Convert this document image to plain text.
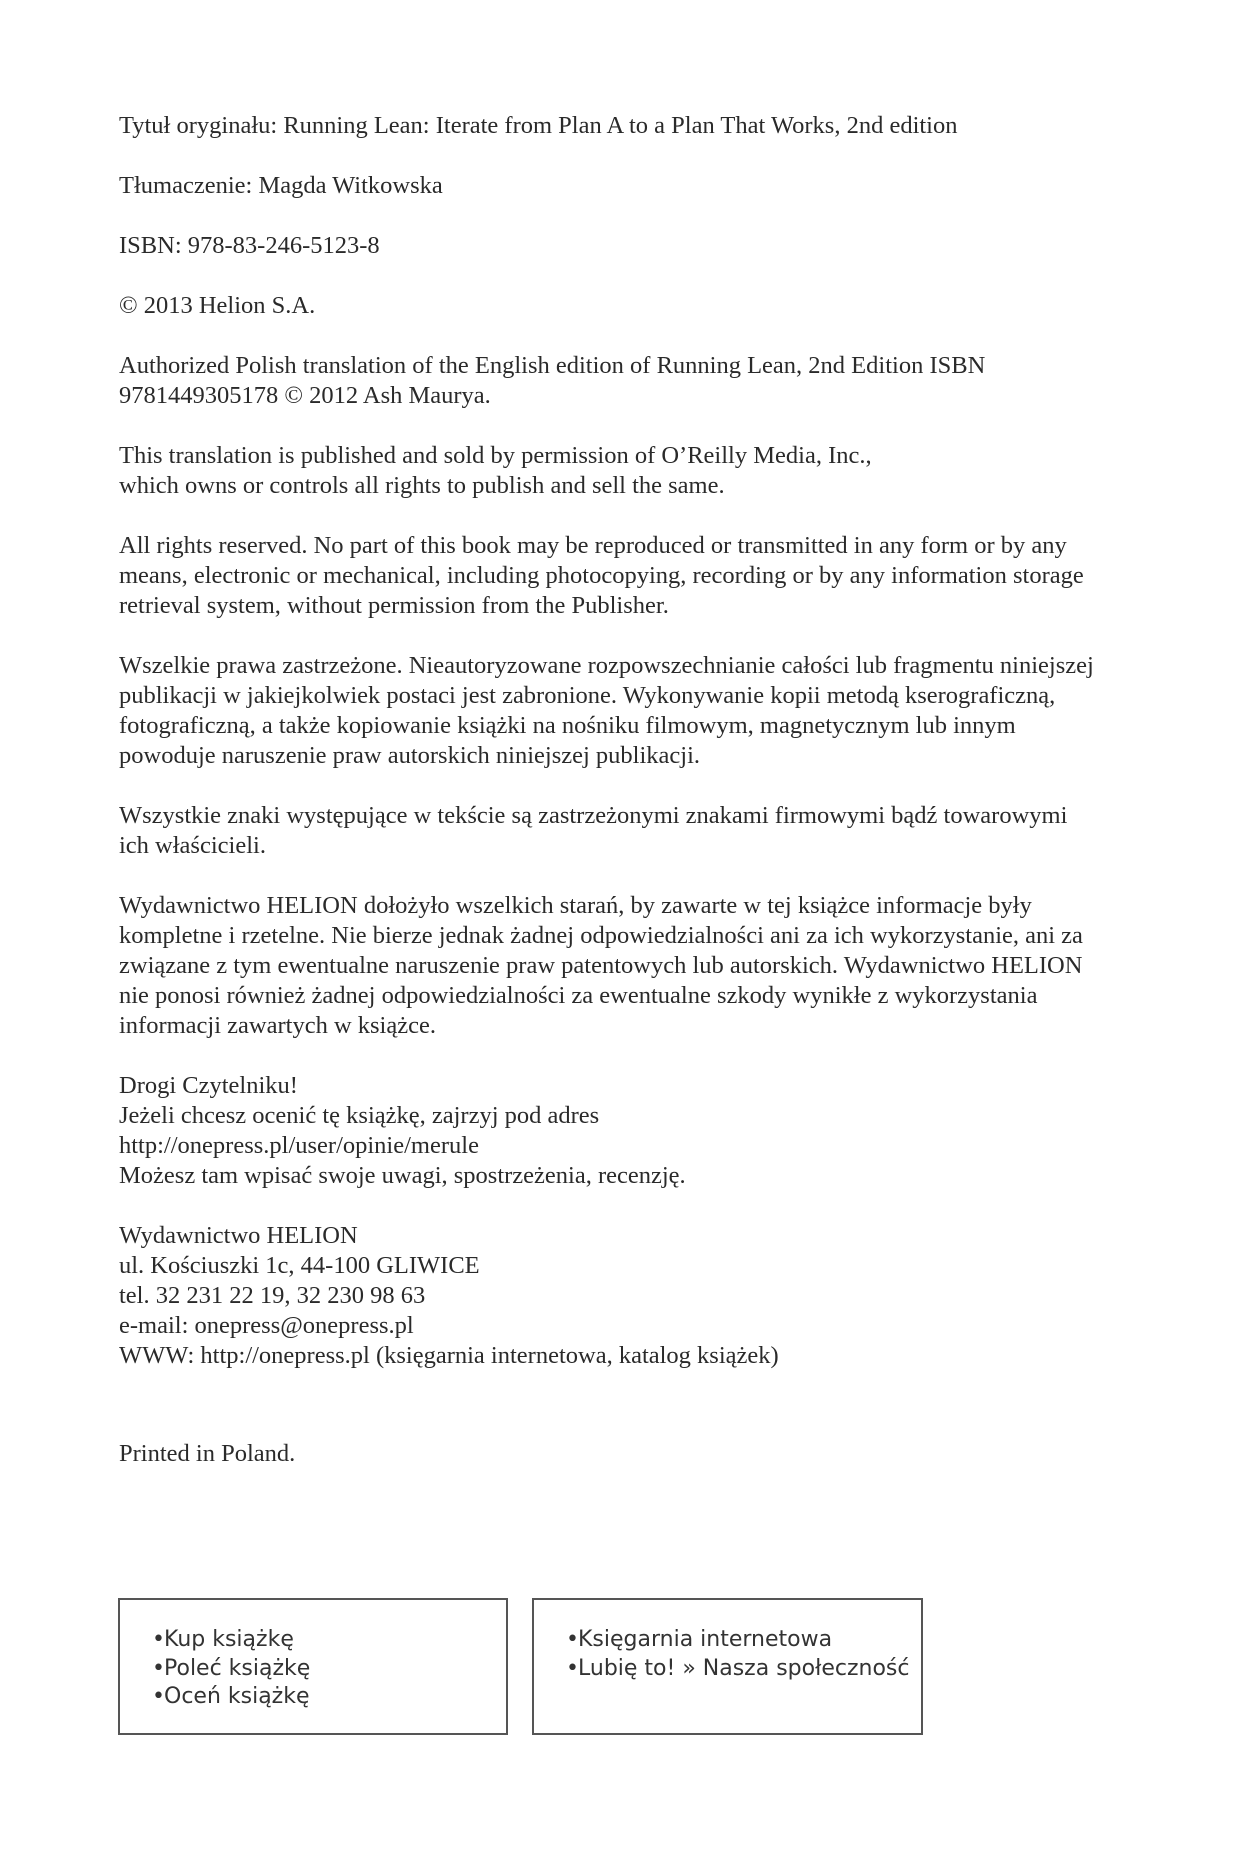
Tytuł oryginału: Running Lean: Iterate from Plan A to a Plan That Works, 2nd edition

Tłumaczenie: Magda Witkowska

ISBN: 978-83-246-5123-8

© 2013 Helion S.A.

Authorized Polish translation of the English edition of Running Lean, 2nd Edition ISBN
9781449305178 © 2012 Ash Maurya.

This translation is published and sold by permission of O’Reilly Media, Inc.,
which owns or controls all rights to publish and sell the same.

All rights reserved. No part of this book may be reproduced or transmitted in any form or by any
means, electronic or mechanical, including photocopying, recording or by any information storage
retrieval system, without permission from the Publisher.

Wszelkie prawa zastrzeżone. Nieautoryzowane rozpowszechnianie całości lub fragmentu niniejszej
publikacji w jakiejkolwiek postaci jest zabronione. Wykonywanie kopii metodą kserograficzną,
fotograficzną, a także kopiowanie książki na nośniku filmowym, magnetycznym lub innym
powoduje naruszenie praw autorskich niniejszej publikacji.

Wszystkie znaki występujące w tekście są zastrzeżonymi znakami firmowymi bądź towarowymi
ich właścicieli.

Wydawnictwo HELION dołożyło wszelkich starań, by zawarte w tej książce informacje były
kompletne i rzetelne. Nie bierze jednak żadnej odpowiedzialności ani za ich wykorzystanie, ani za
związane z tym ewentualne naruszenie praw patentowych lub autorskich. Wydawnictwo HELION
nie ponosi również żadnej odpowiedzialności za ewentualne szkody wynikłe z wykorzystania
informacji zawartych w książce.

Drogi Czytelniku!
Jeżeli chcesz ocenić tę książkę, zajrzyj pod adres
http://onepress.pl/user/opinie/merule
Możesz tam wpisać swoje uwagi, spostrzeżenia, recenzję.

Wydawnictwo HELION
ul. Kościuszki 1c, 44-100 GLIWICE
tel. 32 231 22 19, 32 230 98 63
e-mail: onepress@onepress.pl
WWW: http://onepress.pl (księgarnia internetowa, katalog książek)

Printed in Poland.

•Kup książkę
•Poleć książkę
•Oceń książkę
•Księgarnia internetowa
•Lubię to! » Nasza społeczność
